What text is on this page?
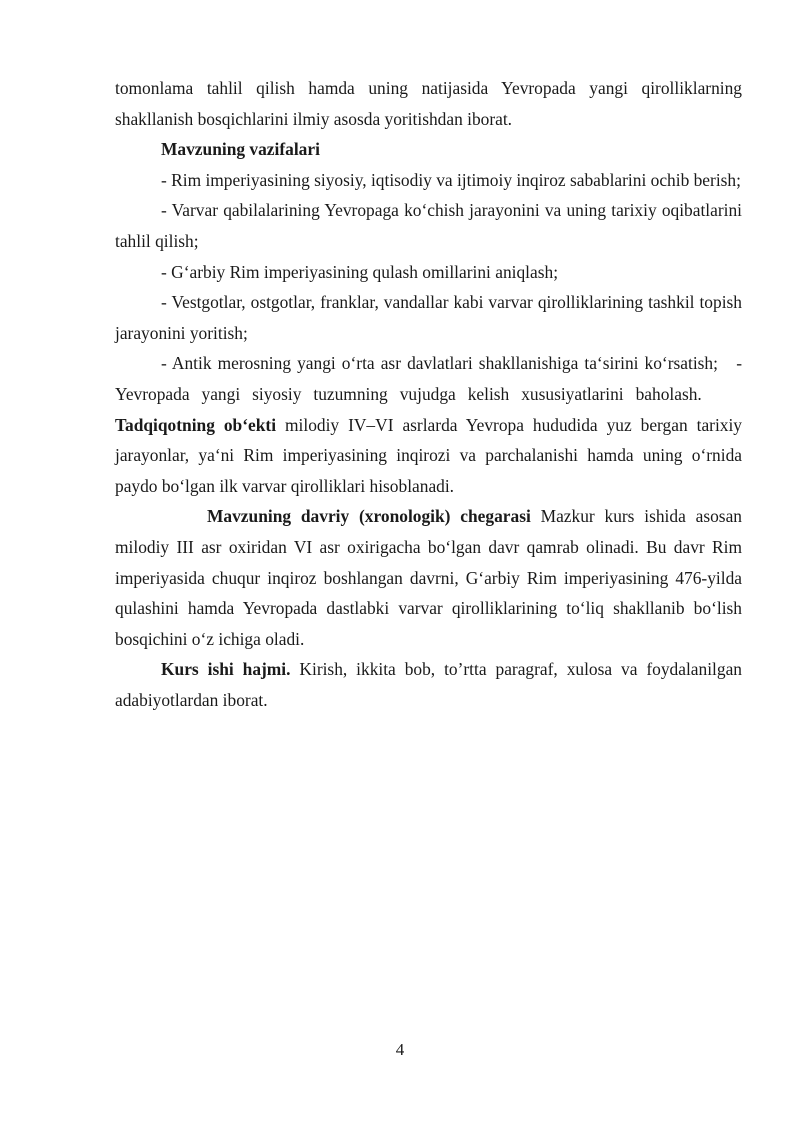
tomonlama tahlil qilish hamda uning natijasida Yevropada yangi qirolliklarning shakllanish bosqichlarini ilmiy asosda yoritishdan iborat.

Mavzuning vazifalari

- Rim imperiyasining siyosiy, iqtisodiy va ijtimoiy inqiroz sabablarini ochib berish;

- Varvar qabilalarining Yevropaga ko‘chish jarayonini va uning tarixiy oqibatlarini tahlil qilish;

- G‘arbiy Rim imperiyasining qulash omillarini aniqlash;

- Vestgotlar, ostgotlar, franklar, vandallar kabi varvar qirolliklarining tashkil topish jarayonini yoritish;

- Antik merosning yangi o‘rta asr davlatlari shakllanishiga ta‘sirini ko‘rsatish; - Yevropada yangi siyosiy tuzumning vujudga kelish xususiyatlarini baholash.     Tadqiqotning ob‘ekti milodiy IV–VI asrlarda Yevropa hududida yuz bergan tarixiy jarayonlar, ya‘ni Rim imperiyasining inqirozi va parchalanishi hamda uning o‘rnida paydo bo‘lgan ilk varvar qirolliklari hisoblanadi.

Mavzuning davriy (xronologik) chegarasi Mazkur kurs ishida asosan milodiy III asr oxiridan VI asr oxirigacha bo‘lgan davr qamrab olinadi. Bu davr Rim imperiyasida chuqur inqiroz boshlangan davrni, G‘arbiy Rim imperiyasining 476-yilda qulashini hamda Yevropada dastlabki varvar qirolliklarining to‘liq shakllanib bo‘lish bosqichini o‘z ichiga oladi.

Kurs ishi hajmi. Kirish, ikkita bob, to’rtta paragraf, xulosa va foydalanilgan adabiyotlardan iborat.

4
